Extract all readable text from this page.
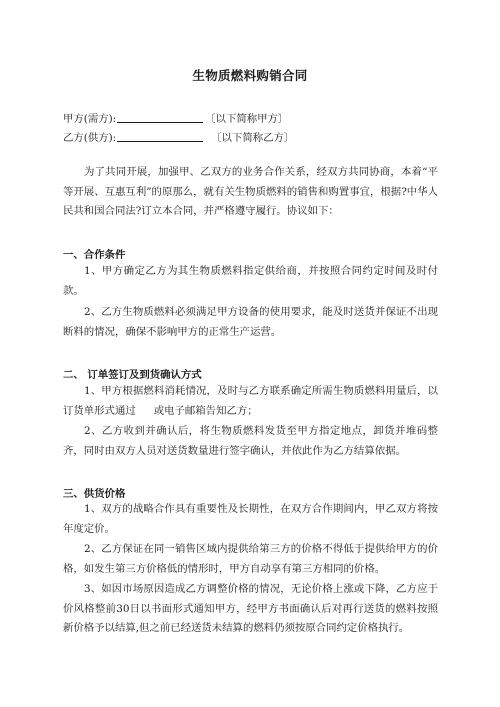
生物质燃料购销合同
甲方(需方):	〔以下简称甲方〕
乙方(供方):	〔以下简称乙方〕

为了共同开展，加强甲、乙双方的业务合作关系，经双方共同协商，本着“平等开展、互惠互利”的原那么，就有关生物质燃料的销售和购置事宜，根据?中华人民共和国合同法?订立本合同，并严格遵守履行。协议如下：

一、合作条件

1、甲方确定乙方为其生物质燃料指定供给商，并按照合同约定时间及时付款。

2、乙方生物质燃料必须满足甲方设备的使用要求，能及时送货并保证不出现断料的情况，确保不影响甲方的正常生产运营。

二、 订单签订及到货确认方式

1、甲方根据燃料消耗情况，及时与乙方联系确定所需生物质燃料用量后，以订货单形式通过 或电子邮箱告知乙方；

2、乙方收到并确认后，将生物质燃料发货至甲方指定地点，卸货并堆码整齐，同时由双方人员对送货数量进行签字确认，并依此作为乙方结算依据。

三、供货价格

1、双方的战略合作具有重要性及长期性，在双方合作期间内，甲乙双方将按年度定价。

2、乙方保证在同一销售区域内提供给第三方的价格不得低于提供给甲方的价格，如发生第三方价格低的情形时，甲方自动享有第三方相同的价格。

3、如因市场原因造成乙方调整价格的情况，无论价格上涨或下降，乙方应于价风格整前30日以书面形式通知甲方，经甲方书面确认后对再行送货的燃料按照新价格予以结算,但之前已经送货未结算的燃料仍须按原合同约定价格执行。
